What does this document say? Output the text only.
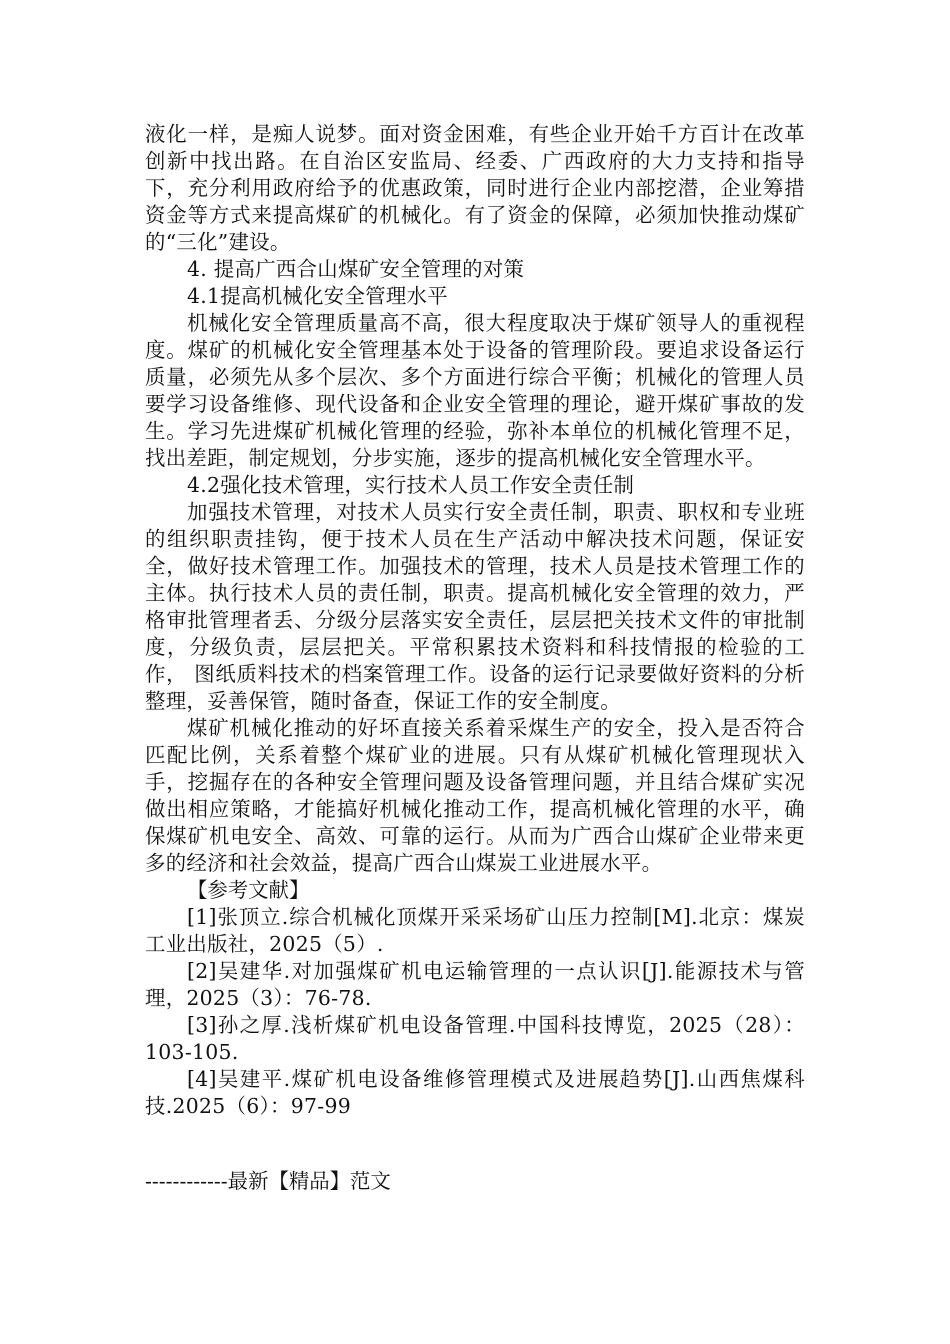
液化一样，是痴人说梦。面对资金困难，有些企业开始千方百计在改革创新中找出路。在自治区安监局、经委、广西政府的大力支持和指导下，充分利用政府给予的优惠政策，同时进行企业内部挖潜，企业筹措资金等方式来提高煤矿的机械化。有了资金的保障，必须加快推动煤矿的“三化”建设。

4. 提高广西合山煤矿安全管理的对策

4.1提高机械化安全管理水平

机械化安全管理质量高不高，很大程度取决于煤矿领导人的重视程度。煤矿的机械化安全管理基本处于设备的管理阶段。要追求设备运行质量，必须先从多个层次、多个方面进行综合平衡；机械化的管理人员要学习设备维修、现代设备和企业安全管理的理论，避开煤矿事故的发生。学习先进煤矿机械化管理的经验，弥补本单位的机械化管理不足，找出差距，制定规划，分步实施，逐步的提高机械化安全管理水平。

4.2强化技术管理，实行技术人员工作安全责任制

加强技术管理，对技术人员实行安全责任制，职责、职权和专业班的组织职责挂钩，便于技术人员在生产活动中解决技术问题，保证安全，做好技术管理工作。加强技术的管理，技术人员是技术管理工作的主体。执行技术人员的责任制，职责。提高机械化安全管理的效力，严格审批管理者丢、分级分层落实安全责任，层层把关技术文件的审批制度，分级负责，层层把关。平常积累技术资料和科技情报的检验的工作， 图纸质料技术的档案管理工作。设备的运行记录要做好资料的分析整理，妥善保管，随时备查，保证工作的安全制度。

煤矿机械化推动的好坏直接关系着采煤生产的安全，投入是否符合匹配比例，关系着整个煤矿业的进展。只有从煤矿机械化管理现状入手，挖掘存在的各种安全管理问题及设备管理问题，并且结合煤矿实况做出相应策略，才能搞好机械化推动工作，提高机械化管理的水平，确保煤矿机电安全、高效、可靠的运行。从而为广西合山煤矿企业带来更多的经济和社会效益，提高广西合山煤炭工业进展水平。

【参考文献】

[1]张顶立.综合机械化顶煤开采采场矿山压力控制[M].北京：煤炭工业出版社，2025（5）.

[2]吴建华.对加强煤矿机电运输管理的一点认识[J].能源技术与管理，2025（3）：76-78.

[3]孙之厚.浅析煤矿机电设备管理.中国科技博览，2025（28）：103-105.

[4]吴建平.煤矿机电设备维修管理模式及进展趋势[J].山西焦煤科技.2025（6）：97-99

------------最新【精品】范文
